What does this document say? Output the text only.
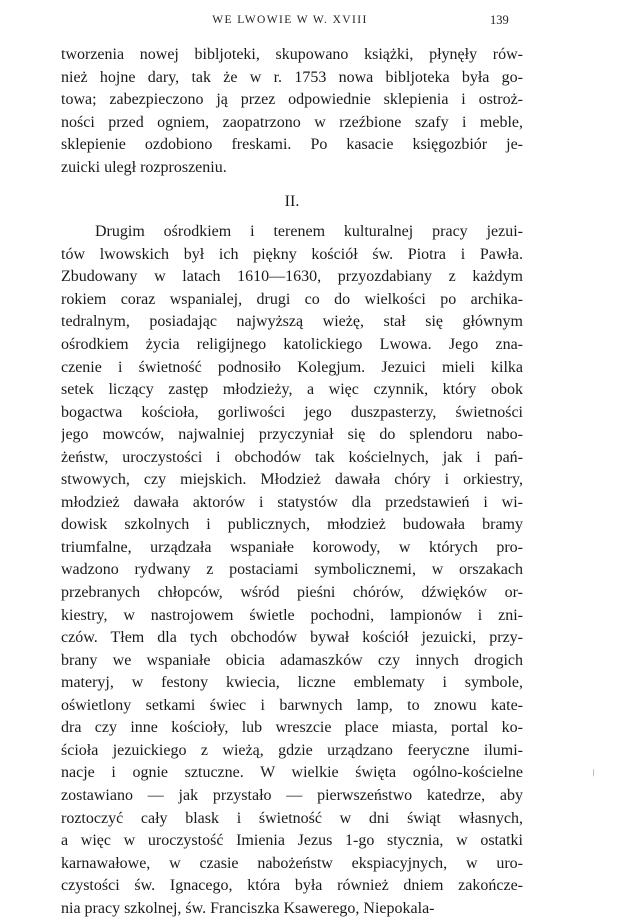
WE LWOWIE W W. XVIII	139
tworzenia nowej bibljoteki, skupowano książki, płynęły rów-
nież hojne dary, tak że w r. 1753 nowa bibljoteka była go-
towa; zabezpieczono ją przez odpowiednie sklepienia i ostroż-
ności przed ogniem, zaopatrzono w rzeźbione szafy i meble,
sklepienie ozdobiono freskami. Po kasacie księgozbiór je-
zuicki uległ rozproszeniu.
II.
Drugim ośrodkiem i terenem kulturalnej pracy jezui-
tów lwowskich był ich piękny kościół św. Piotra i Pawła.
Zbudowany w latach 1610—1630, przyozdabiany z każdym
rokiem coraz wspanialej, drugi co do wielkości po archika-
tedralnym, posiadając najwyższą wieżę, stał się głównym
ośrodkiem życia religijnego katolickiego Lwowa. Jego zna-
czenie i świetność podnosiło Kolegjum. Jezuici mieli kilka
setek liczący zastęp młodzieży, a więc czynnik, który obok
bogactwa kościoła, gorliwości jego duszpasterzy, świetności
jego mowców, najwalniej przyczyniał się do splendoru nabo-
żeństw, uroczystości i obchodów tak kościelnych, jak i pań-
stwowych, czy miejskich. Młodzież dawała chóry i orkiestry,
młodzież dawała aktorów i statystów dla przedstawień i wi-
dowisk szkolnych i publicznych, młodzież budowała bramy
triumfalne, urządzała wspaniałe korowody, w których pro-
wadzono rydwany z postaciami symbolicznemi, w orszakach
przebranych chłopców, wśród pieśni chórów, dźwięków or-
kiestry, w nastrojowem świetle pochodni, lampionów i zni-
czów. Tłem dla tych obchodów bywał kościół jezuicki, przy-
brany we wspaniałe obicia adamaszków czy innych drogich
materyj, w festony kwiecia, liczne emblematy i symbole,
oświetlony setkami świec i barwnych lamp, to znowu kate-
dra czy inne kościoły, lub wreszcie place miasta, portal ko-
ścioła jezuickiego z wieżą, gdzie urządzano feeryczne ilumi-
nacje i ognie sztuczne. W wielkie święta ogólno-kościelne
zostawiano — jak przystało — pierwszeństwo katedrze, aby
roztoczyć cały blask i świetność w dni świąt własnych,
a więc w uroczystość Imienia Jezus 1-go stycznia, w ostatki
karnawałowe, w czasie nabożeństw ekspiacyjnych, w uro-
czystości św. Ignacego, która była również dniem zakończe-
nia pracy szkolnej, św. Franciszka Ksawerego, Niepokala-
\
